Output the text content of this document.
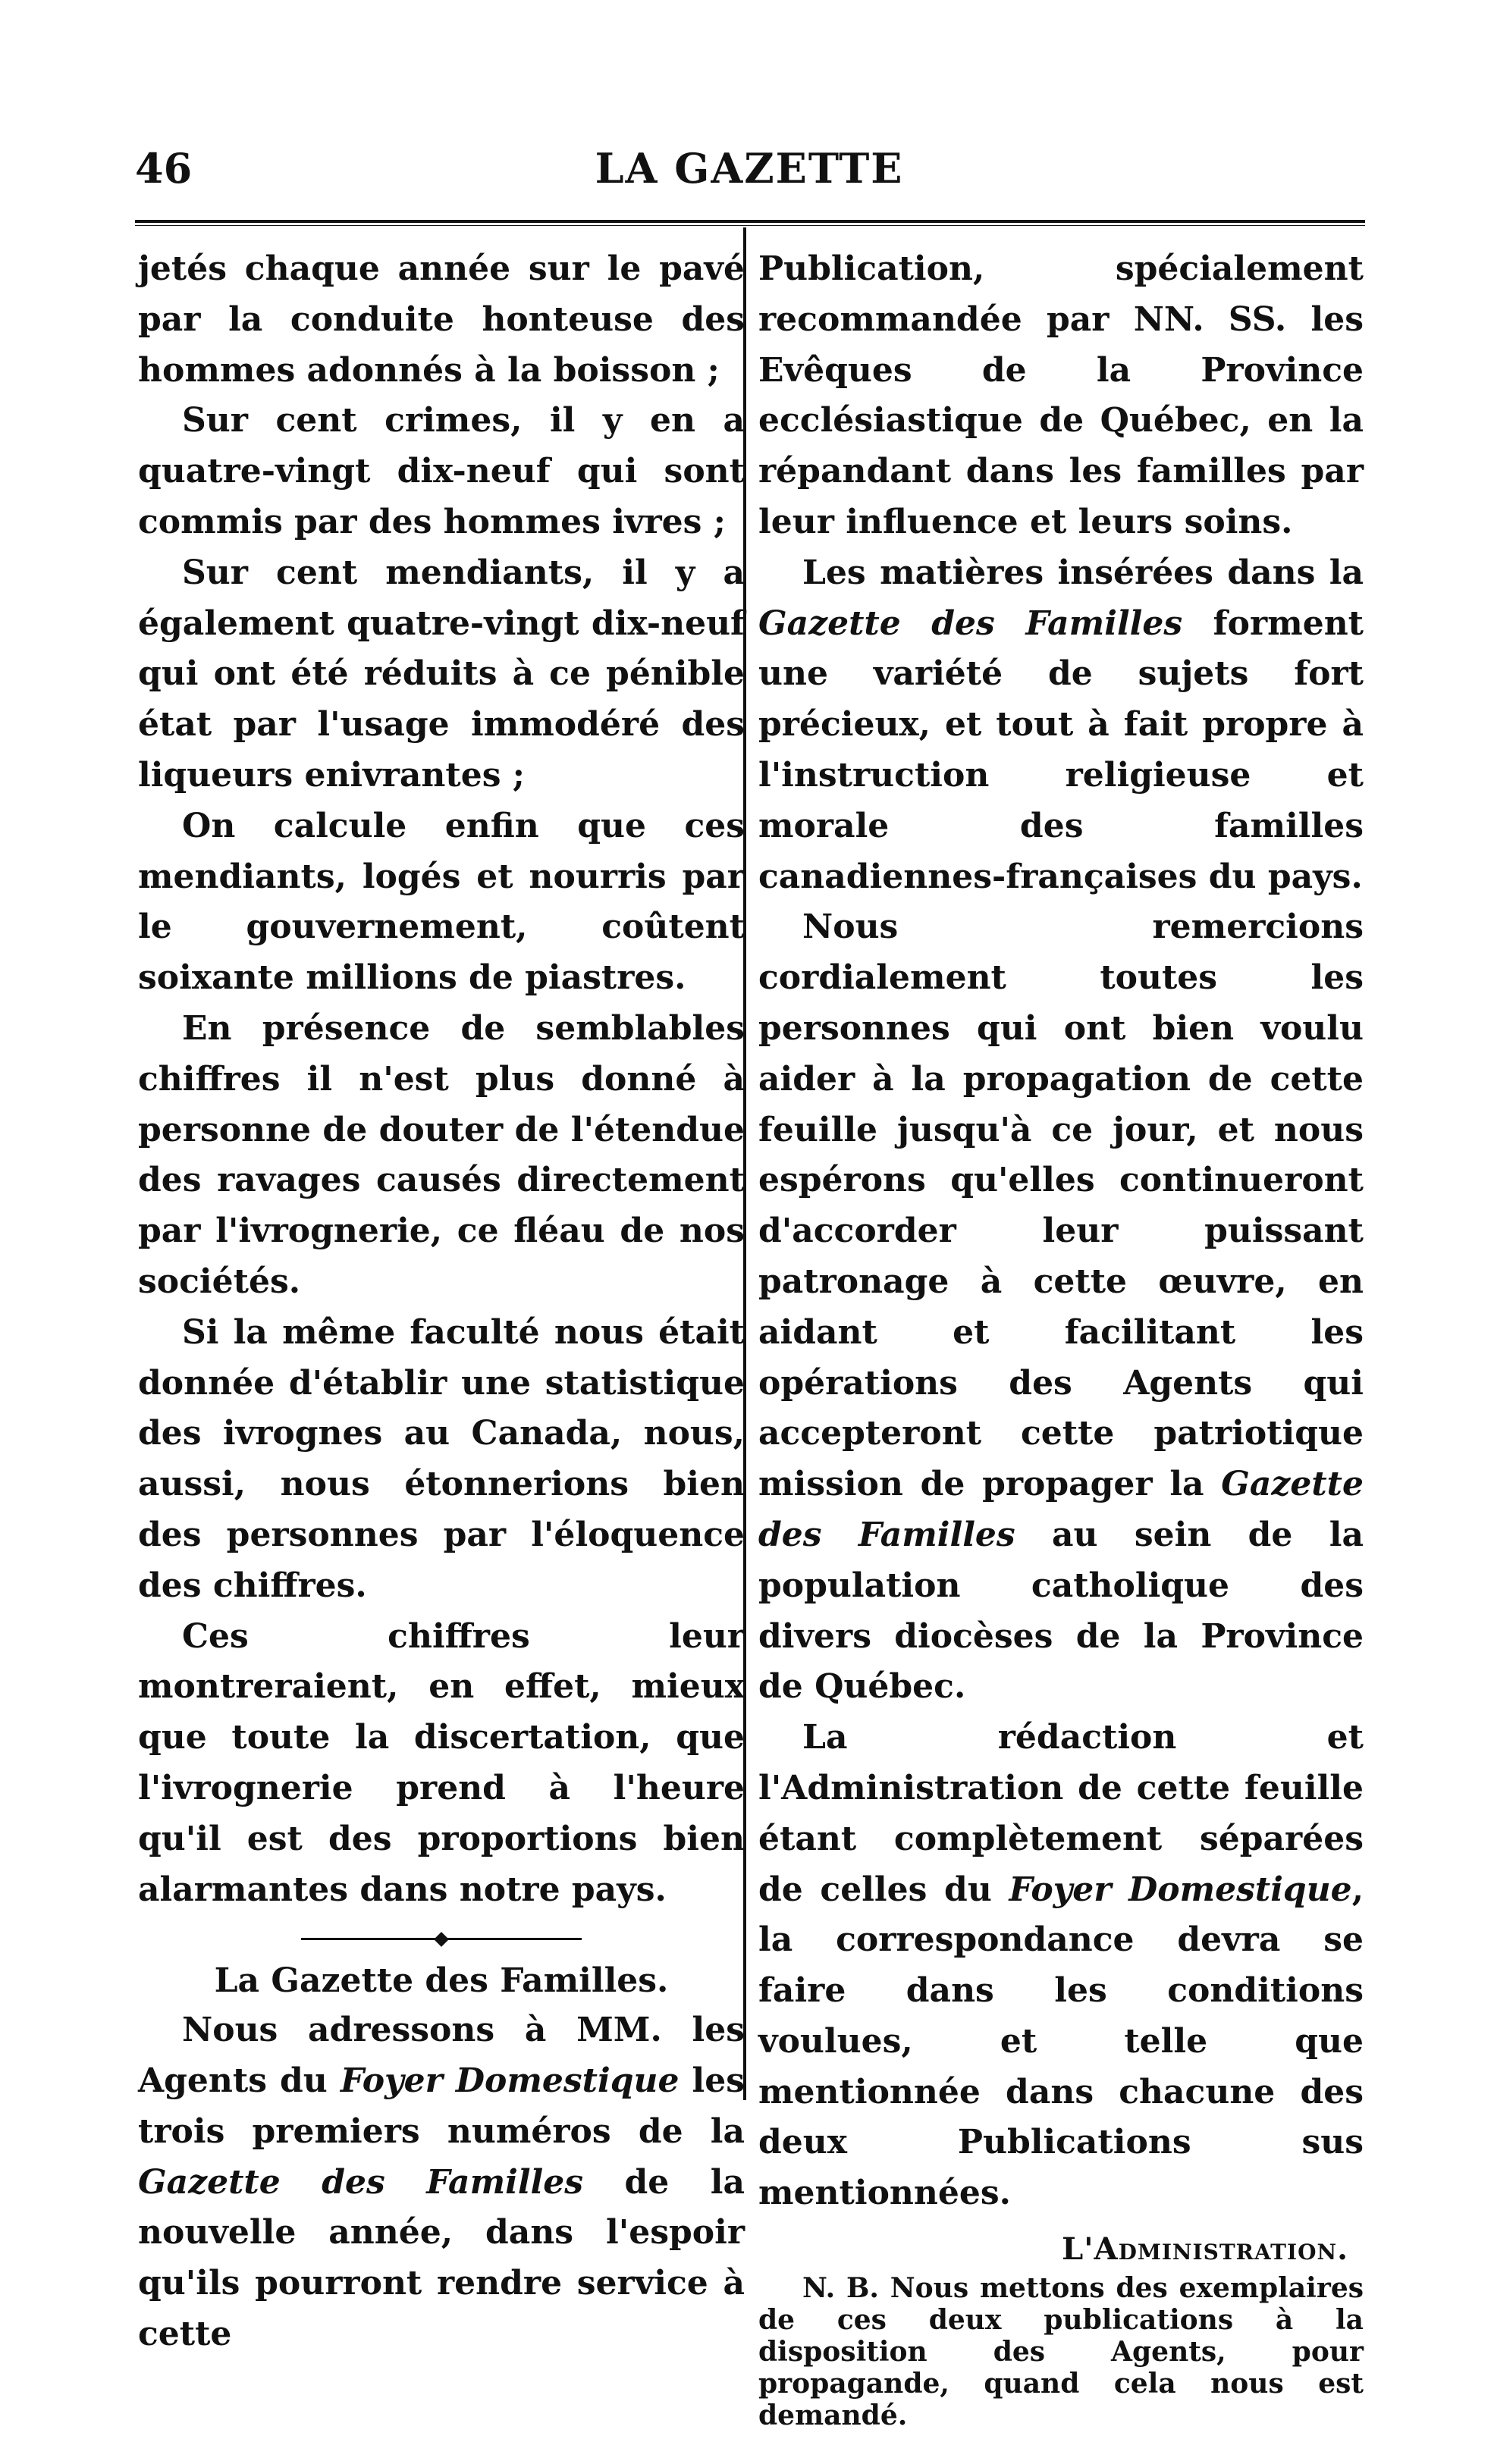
46	LA GAZETTE

jetés chaque année sur le pavé par la conduite honteuse des hommes adonnés à la boisson ;

Sur cent crimes, il y en a quatre-vingt dix-neuf qui sont commis par des hommes ivres ;

Sur cent mendiants, il y a également quatre-vingt dix-neuf qui ont été réduits à ce pénible état par l'usage immodéré des liqueurs enivrantes ;

On calcule enfin que ces mendiants, logés et nourris par le gouvernement, coûtent soixante millions de piastres.

En présence de semblables chiffres il n'est plus donné à personne de douter de l'étendue des ravages causés directement par l'ivrognerie, ce fléau de nos sociétés.

Si la même faculté nous était donnée d'établir une statistique des ivrognes au Canada, nous, aussi, nous étonnerions bien des personnes par l'éloquence des chiffres.

Ces chiffres leur montreraient, en effet, mieux que toute la discertation, que l'ivrognerie prend à l'heure qu'il est des proportions bien alarmantes dans notre pays.

La Gazette des Familles.

Nous adressons à MM. les Agents du Foyer Domestique les trois premiers numéros de la Gazette des Familles de la nouvelle année, dans l'espoir qu'ils pourront rendre service à cette

Publication, spécialement recommandée par NN. SS. les Evêques de la Province ecclésiastique de Québec, en la répandant dans les familles par leur influence et leurs soins.

Les matières insérées dans la Gazette des Familles forment une variété de sujets fort précieux, et tout à fait propre à l'instruction religieuse et morale des familles canadiennes-françaises du pays.

Nous remercions cordialement toutes les personnes qui ont bien voulu aider à la propagation de cette feuille jusqu'à ce jour, et nous espérons qu'elles continueront d'accorder leur puissant patronage à cette œuvre, en aidant et facilitant les opérations des Agents qui accepteront cette patriotique mission de propager la Gazette des Familles au sein de la population catholique des divers diocèses de la Province de Québec.

La rédaction et l'Administration de cette feuille étant complètement séparées de celles du Foyer Domestique, la correspondance devra se faire dans les conditions voulues, et telle que mentionnée dans chacune des deux Publications sus mentionnées.

L'Administration.

N. B. Nous mettons des exemplaires de ces deux publications à la disposition des Agents, pour propagande, quand cela nous est demandé.
